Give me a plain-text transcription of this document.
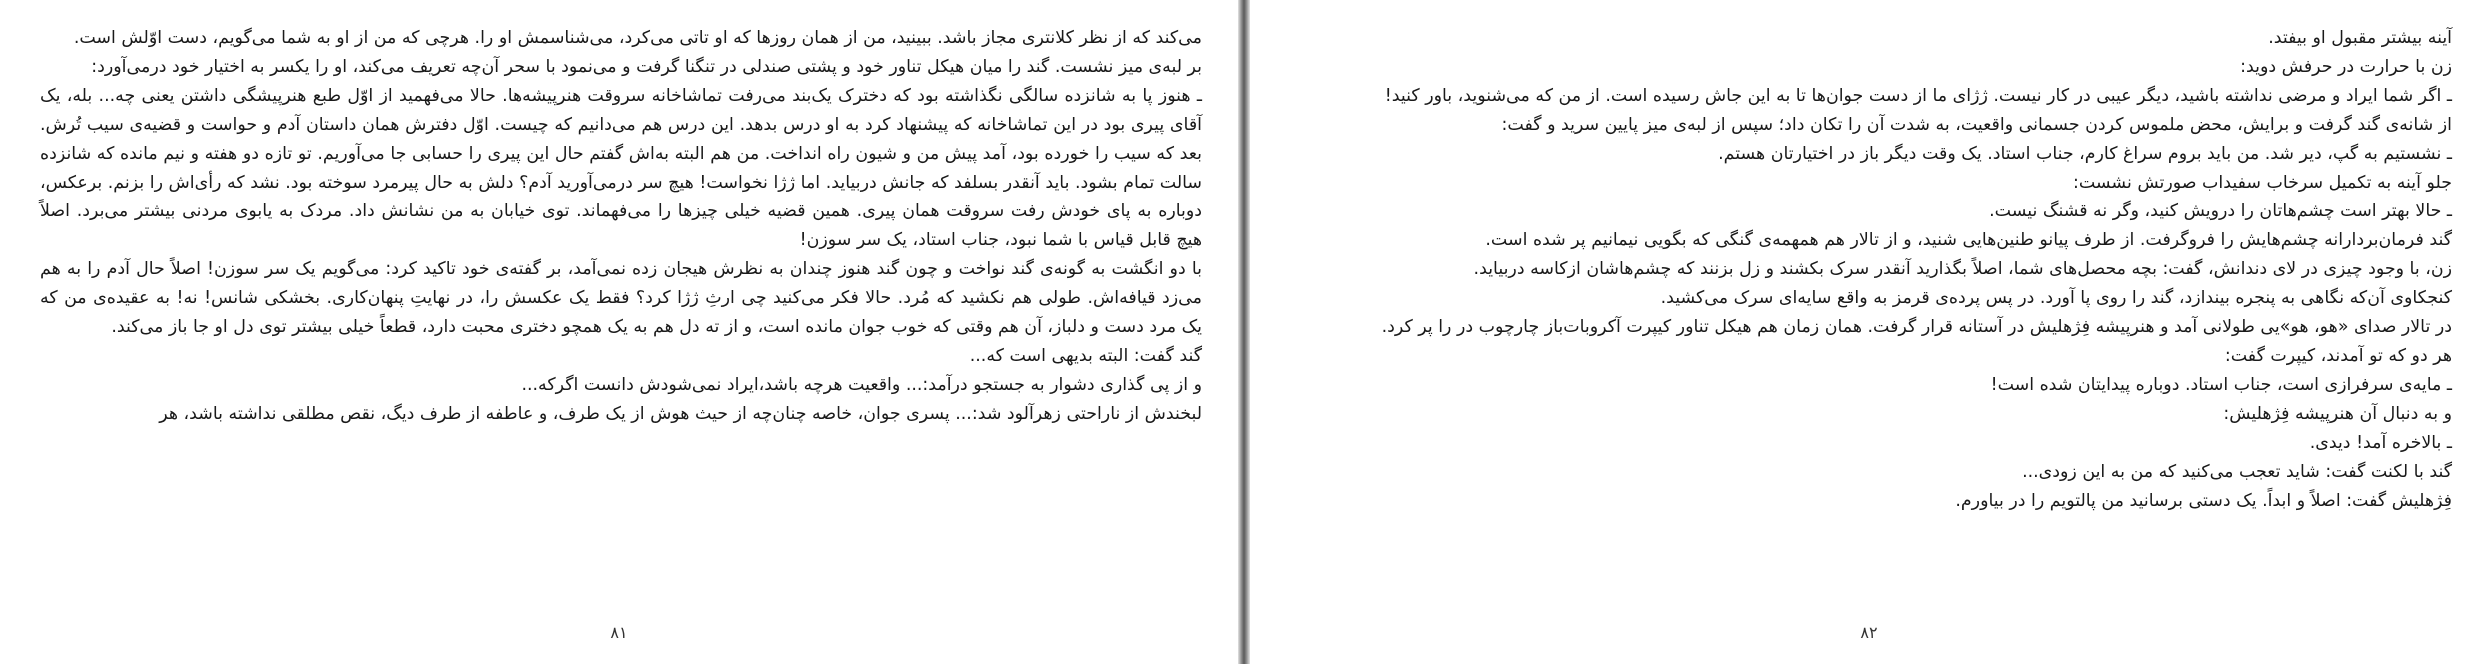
می‌کند که از نظر کلانتری مجاز باشد. ببینید، من از همان روزها که او تاتی می‌کرد، می‌شناسمش او را. هرچی که من از او به شما می‌گویم، دست اوّلش است.

بر لبه‌ی میز نشست. گند را میان هیکل تناور خود و پشتی صندلی در تنگنا گرفت و می‌نمود با سحر آن‌چه تعریف می‌کند، او را یکسر به اختیار خود درمی‌آورد:

ـ هنوز پا به شانزده سالگی نگذاشته بود که دخترک یک‌بند می‌رفت تماشاخانه سروقت هنرپیشه‌ها. حالا می‌فهمید از اوّل طبع هنرپیشگی داشتن یعنی چه... بله، یک آقای پیری بود در این تماشاخانه که پیشنهاد کرد به او درس بدهد. این درس هم می‌دانیم که چیست. اوّل دفترش همان داستان آدم و حواست و قضیه‌ی سیب تُرش. بعد که سیب را خورده بود، آمد پیش من و شیون راه انداخت. من هم البته به‌اش گفتم حال این پیری را حسابی جا می‌آوریم. تو تازه دو هفته و نیم مانده که شانزده سالت تمام بشود. باید آنقدر بسلفد که جانش دربیاید. اما ژژا نخواست! هیچ سر درمی‌آورید آدم؟ دلش به حال پیرمرد سوخته بود. نشد که رأی‌اش را بزنم. برعکس، دوباره به پای خودش رفت سروقت همان پیری. همین قضیه خیلی چیزها را می‌فهماند. توی خیابان به من نشانش داد. مردک به یابوی مردنی بیشتر می‌برد. اصلاً هیچ قابل قیاس با شما نبود، جناب استاد، یک سر سوزن!

با دو انگشت به گونه‌ی گند نواخت و چون گند هنوز چندان به نظرش هیجان زده نمی‌آمد، بر گفته‌ی خود تاکید کرد: می‌گویم یک سر سوزن! اصلاً حال آدم را به هم می‌زد قیافه‌اش. طولی هم نکشید که مُرد. حالا فکر می‌کنید چی ارثِ ژژا کرد؟ فقط یک عکسش را، در نهایتِ پنهان‌کاری. بخشکی شانس! نه! به عقیده‌ی من که یک مرد دست و دلباز، آن هم وقتی که خوب جوان مانده است، و از ته دل هم به یک همچو دختری محبت دارد، قطعاً خیلی بیشتر توی دل او جا باز می‌کند.

گند گفت: البته بدیهی است که...

و از پی گذاری دشوار به جستجو درآمد:... واقعیت هرچه باشد،ایراد نمی‌شودش دانست اگرکه...

لبخندش از ناراحتی زهرآلود شد:... پسری جوان، خاصه چنان‌چه از حیث هوش از یک طرف، و عاطفه از طرف دیگ، نقص مطلقی نداشته باشد، هر

۸۱

آینه بیشتر مقبول او بیفتد.

زن با حرارت در حرفش دوید:

ـ اگر شما ایراد و مرضی نداشته باشید، دیگر عیبی در کار نیست. ژژای ما از دست جوان‌ها تا به این جاش رسیده است. از من که می‌شنوید، باور کنید!

از شانه‌ی گند گرفت و برایش، محض ملموس کردن جسمانی واقعیت، به شدت آن را تکان داد؛ سپس از لبه‌ی میز پایین سرید و گفت:

ـ نشستیم به گپ، دیر شد. من باید بروم سراغ کارم، جناب استاد. یک وقت دیگر باز در اختیارتان هستم.

جلو آینه به تکمیل سرخاب سفیداب صورتش نشست:

ـ حالا بهتر است چشم‌هاتان را درویش کنید، وگر نه قشنگ نیست.

گند فرمان‌بردارانه چشم‌هایش را فروگرفت. از طرف پیانو طنین‌هایی شنید، و از تالار هم همهمه‌ی گنگی که بگویی نیمانیم پر شده است.

زن، با وجود چیزی در لای دندانش، گفت: بچه محصل‌های شما، اصلاً بگذارید آنقدر سرک بکشند و زل بزنند که چشم‌هاشان ازکاسه دربیاید.

کنجکاوی آن‌که نگاهی به پنجره بیندازد، گند را روی پا آورد. در پس پرده‌ی قرمز به واقع سایه‌ای سرک می‌کشید.

در تالار صدای «هو، هو»یی طولانی آمد و هنرپیشه فِژهلیش در آستانه قرار گرفت. همان زمان هم هیکل تناور کیپرت آکروبات‌باز چارچوب در را پر کرد.

هر دو که تو آمدند، کیپرت گفت:

ـ مایه‌ی سرفرازی است، جناب استاد. دوباره پیدایتان شده است!

و به دنبال آن هنرپیشه فِژهلیش:

ـ بالاخره آمد! دیدی.

گند با لکنت گفت: شاید تعجب می‌کنید که من به این زودی...

فِژهلیش گفت: اصلاً و ابداً. یک دستی برسانید من پالتویم را در بیاورم.

۸۲
